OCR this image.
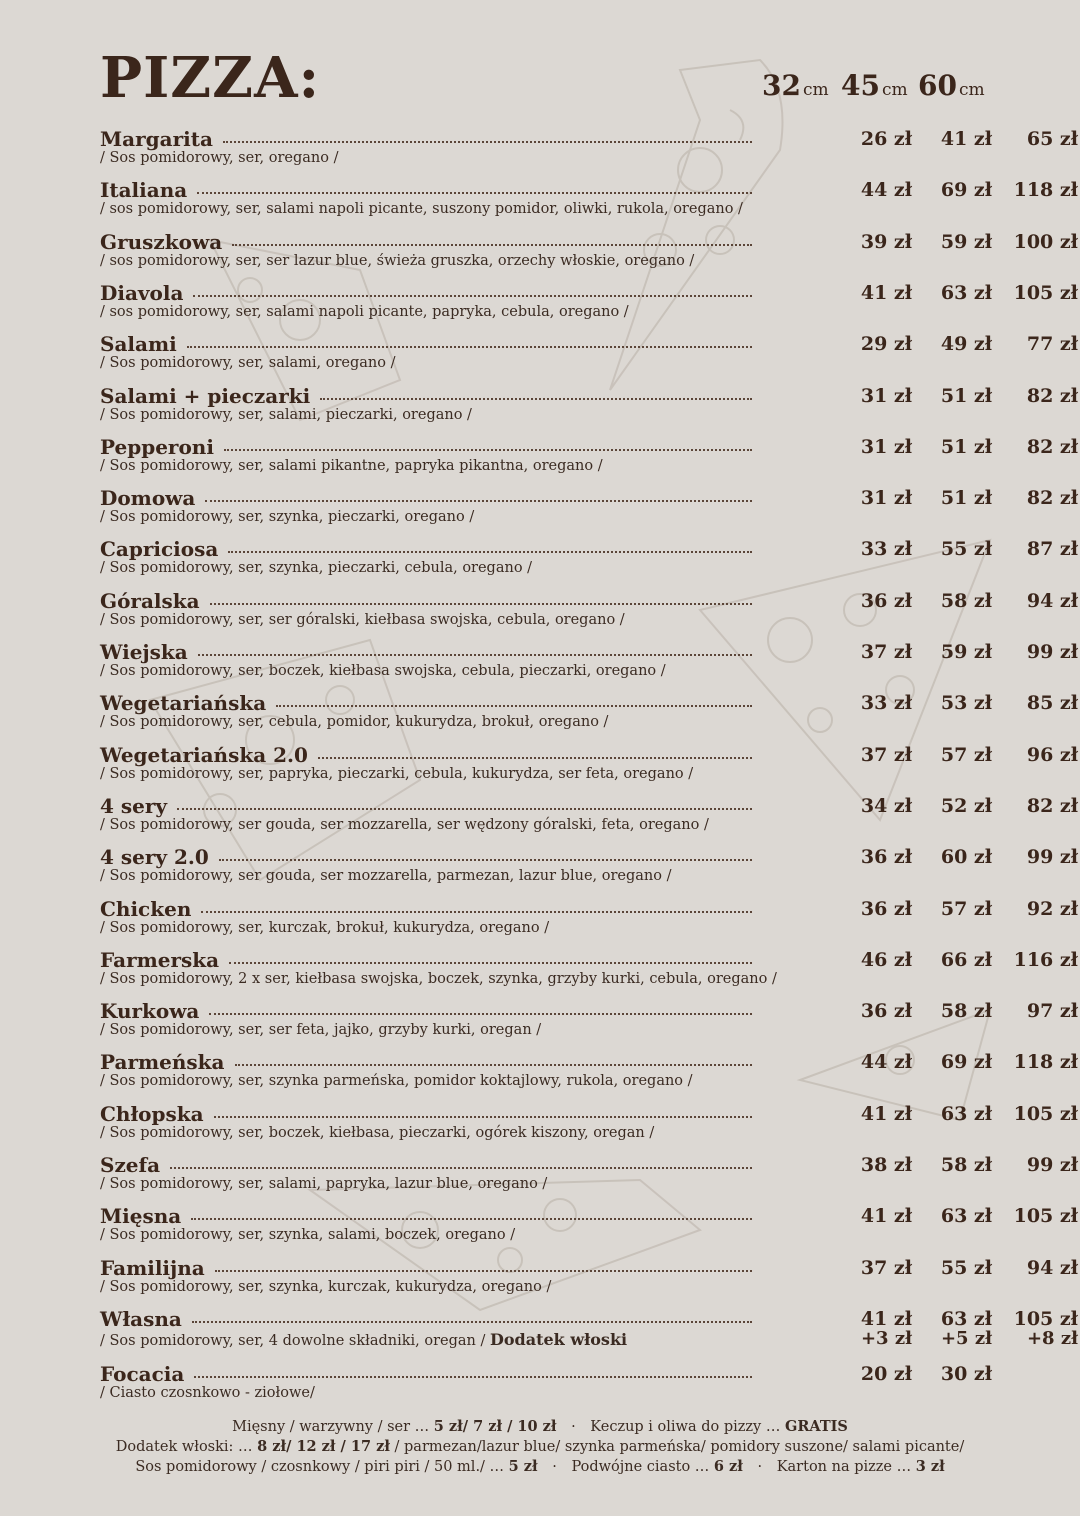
PIZZA:	32 cm 45 cm 60 cm
Margarita	26 zł	41 zł	65 zł
/ Sos pomidorowy, ser, oregano /
Italiana	44 zł	69 zł	118 zł
/ sos pomidorowy, ser, salami napoli picante, suszony pomidor, oliwki, rukola, oregano /
Gruszkowa	39 zł	59 zł	100 zł
/ sos pomidorowy, ser, ser lazur blue, świeża gruszka, orzechy włoskie, oregano /
Diavola	41 zł	63 zł	105 zł
/ sos pomidorowy, ser, salami napoli picante, papryka, cebula, oregano /
Salami	29 zł	49 zł	77 zł
/ Sos pomidorowy, ser, salami, oregano /
Salami + pieczarki	31 zł	51 zł	82 zł
/ Sos pomidorowy, ser, salami, pieczarki, oregano /
Pepperoni	31 zł	51 zł	82 zł
/ Sos pomidorowy, ser, salami pikantne, papryka pikantna, oregano /
Domowa	31 zł	51 zł	82 zł
/ Sos pomidorowy, ser, szynka, pieczarki, oregano /
Capriciosa	33 zł	55 zł	87 zł
/ Sos pomidorowy, ser, szynka, pieczarki, cebula, oregano /
Góralska	36 zł	58 zł	94 zł
/ Sos pomidorowy, ser, ser góralski, kiełbasa swojska, cebula, oregano /
Wiejska	37 zł	59 zł	99 zł
/ Sos pomidorowy, ser, boczek, kiełbasa swojska, cebula, pieczarki, oregano /
Wegetariańska	33 zł	53 zł	85 zł
/ Sos pomidorowy, ser, cebula, pomidor, kukurydza, brokuł, oregano /
Wegetariańska 2.0	37 zł	57 zł	96 zł
/ Sos pomidorowy, ser, papryka, pieczarki, cebula, kukurydza, ser feta, oregano /
4 sery	34 zł	52 zł	82 zł
/ Sos pomidorowy, ser gouda, ser mozzarella, ser wędzony góralski, feta, oregano /
4 sery 2.0	36 zł	60 zł	99 zł
/ Sos pomidorowy, ser gouda, ser mozzarella, parmezan, lazur blue, oregano /
Chicken	36 zł	57 zł	92 zł
/ Sos pomidorowy, ser, kurczak, brokuł, kukurydza, oregano /
Farmerska	46 zł	66 zł	116 zł
/ Sos pomidorowy, 2 x ser, kiełbasa swojska, boczek, szynka, grzyby kurki, cebula, oregano /
Kurkowa	36 zł	58 zł	97 zł
/ Sos pomidorowy, ser, ser feta, jajko, grzyby kurki, oregan /
Parmeńska	44 zł	69 zł	118 zł
/ Sos pomidorowy, ser, szynka parmeńska, pomidor koktajlowy, rukola, oregano /
Chłopska	41 zł	63 zł	105 zł
/ Sos pomidorowy, ser, boczek, kiełbasa, pieczarki, ogórek kiszony, oregan /
Szefa	38 zł	58 zł	99 zł
/ Sos pomidorowy, ser, salami, papryka, lazur blue, oregano /
Mięsna	41 zł	63 zł	105 zł
/ Sos pomidorowy, ser, szynka, salami, boczek, oregano /
Familijna	37 zł	55 zł	94 zł
/ Sos pomidorowy, ser, szynka, kurczak, kukurydza, oregano /
Własna	41 zł	63 zł	105 zł
/ Sos pomidorowy, ser, 4 dowolne składniki, oregan / Dodatek włoski	+3 zł	+5 zł	+8 zł
Focacia	20 zł	30 zł
/ Ciasto czosnkowo - ziołowe/
Mięsny / warzywny / ser … 5 zł/ 7 zł / 10 zł · Keczup i oliwa do pizzy … GRATIS
Dodatek włoski: … 8 zł/ 12 zł / 17 zł / parmezan/lazur blue/ szynka parmeńska/ pomidory suszone/ salami picante/
Sos pomidorowy / czosnkowy / piri piri / 50 ml./ … 5 zł · Podwójne ciasto … 6 zł · Karton na pizze … 3 zł
